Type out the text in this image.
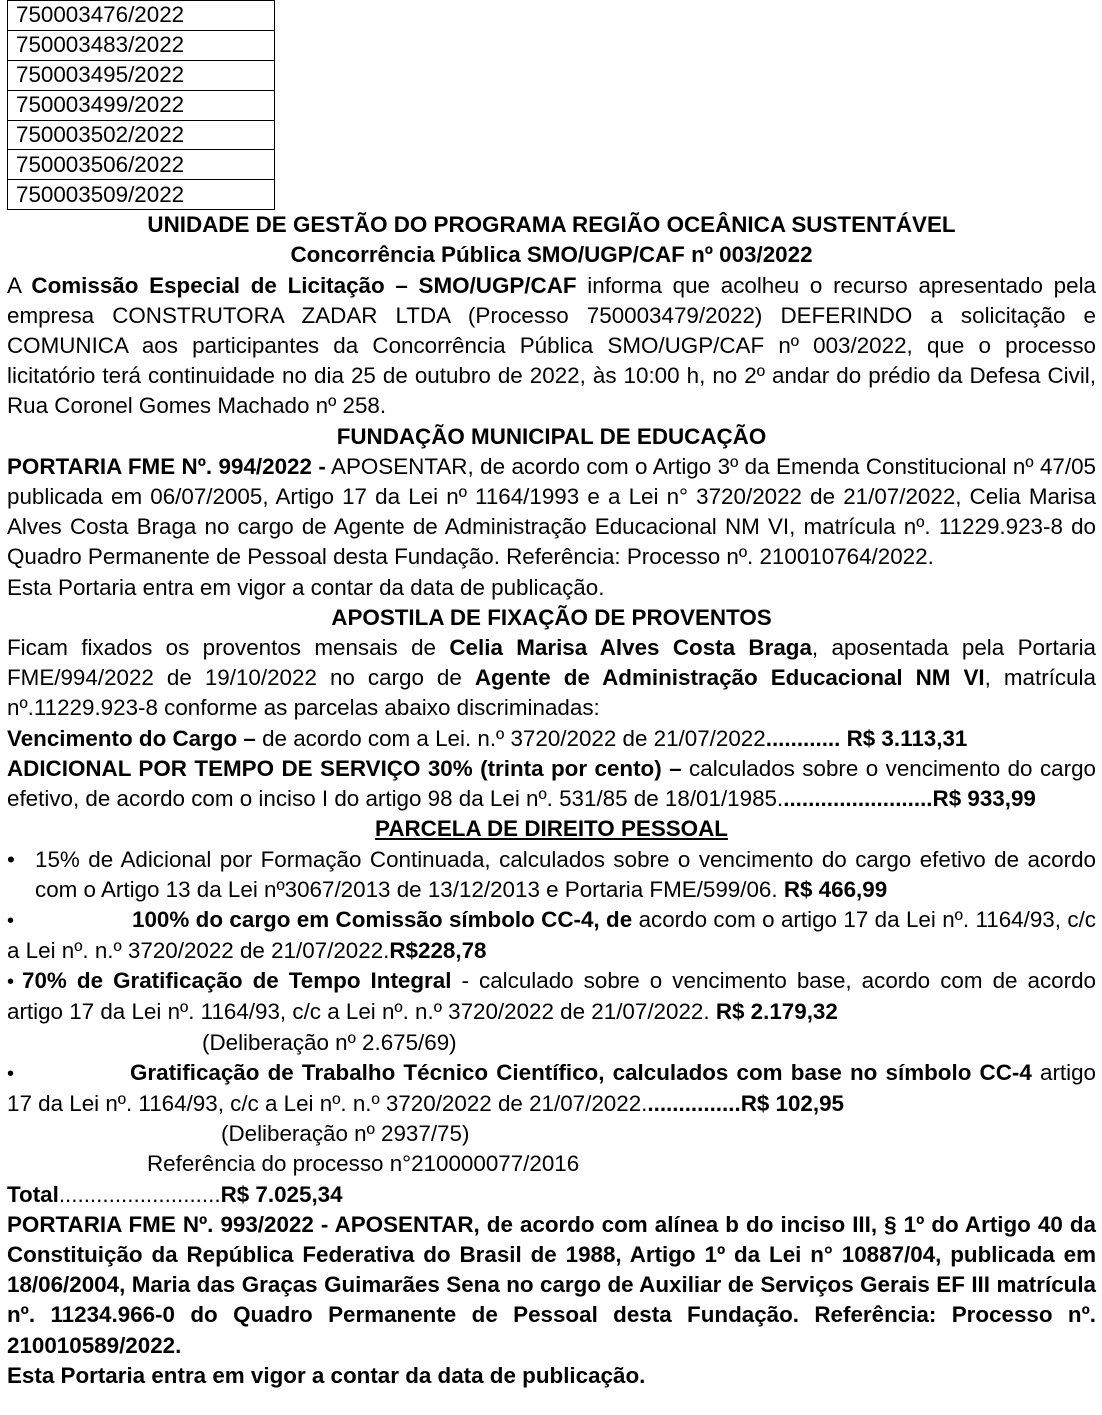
750003476/2022
750003483/2022
750003495/2022
750003499/2022
750003502/2022
750003506/2022
750003509/2022

UNIDADE DE GESTÃO DO PROGRAMA REGIÃO OCEÂNICA SUSTENTÁVEL

Concorrência Pública SMO/UGP/CAF nº 003/2022

A Comissão Especial de Licitação – SMO/UGP/CAF informa que acolheu o recurso apresentado pela empresa CONSTRUTORA ZADAR LTDA (Processo 750003479/2022) DEFERINDO a solicitação e COMUNICA aos participantes da Concorrência Pública SMO/UGP/CAF nº 003/2022, que o processo licitatório terá continuidade no dia 25 de outubro de 2022, às 10:00 h, no 2º andar do prédio da Defesa Civil, Rua Coronel Gomes Machado nº 258.

FUNDAÇÃO MUNICIPAL DE EDUCAÇÃO

PORTARIA FME Nº. 994/2022 - APOSENTAR, de acordo com o Artigo 3º da Emenda Constitucional nº 47/05 publicada em 06/07/2005, Artigo 17 da Lei nº 1164/1993 e a Lei n° 3720/2022 de 21/07/2022, Celia Marisa Alves Costa Braga no cargo de Agente de Administração Educacional NM VI, matrícula nº. 11229.923-8 do Quadro Permanente de Pessoal desta Fundação. Referência: Processo nº. 210010764/2022.

Esta Portaria entra em vigor a contar da data de publicação.

APOSTILA DE FIXAÇÃO DE PROVENTOS

Ficam fixados os proventos mensais de Celia Marisa Alves Costa Braga, aposentada pela Portaria FME/994/2022 de 19/10/2022 no cargo de Agente de Administração Educacional NM VI, matrícula nº.11229.923-8 conforme as parcelas abaixo discriminadas:

Vencimento do Cargo – de acordo com a Lei. n.º 3720/2022 de 21/07/2022............ R$ 3.113,31

ADICIONAL POR TEMPO DE SERVIÇO 30% (trinta por cento) – calculados sobre o vencimento do cargo efetivo, de acordo com o inciso I do artigo 98 da Lei nº. 531/85 de 18/01/1985.........................R$ 933,99

PARCELA DE DIREITO PESSOAL

• 15% de Adicional por Formação Continuada, calculados sobre o vencimento do cargo efetivo de acordo com o Artigo 13 da Lei nº3067/2013 de 13/12/2013 e Portaria FME/599/06. R$ 466,99

•	100% do cargo em Comissão símbolo CC-4, de acordo com o artigo 17 da Lei nº. 1164/93, c/c a Lei nº. n.º 3720/2022 de 21/07/2022.R$228,78

• 70% de Gratificação de Tempo Integral - calculado sobre o vencimento base, acordo com de acordo artigo 17 da Lei nº. 1164/93, c/c a Lei nº. n.º 3720/2022 de 21/07/2022. R$ 2.179,32

(Deliberação nº 2.675/69)

•	Gratificação de Trabalho Técnico Científico, calculados com base no símbolo CC-4 artigo 17 da Lei nº. 1164/93, c/c a Lei nº. n.º 3720/2022 de 21/07/2022................R$ 102,95

(Deliberação nº 2937/75)

Referência do processo n°210000077/2016

Total..........................R$ 7.025,34

PORTARIA FME Nº. 993/2022 - APOSENTAR, de acordo com alínea b do inciso III, § 1º do Artigo 40 da Constituição da República Federativa do Brasil de 1988, Artigo 1º da Lei n° 10887/04, publicada em 18/06/2004, Maria das Graças Guimarães Sena no cargo de Auxiliar de Serviços Gerais EF III matrícula nº. 11234.966-0 do Quadro Permanente de Pessoal desta Fundação. Referência: Processo nº. 210010589/2022.

Esta Portaria entra em vigor a contar da data de publicação.
